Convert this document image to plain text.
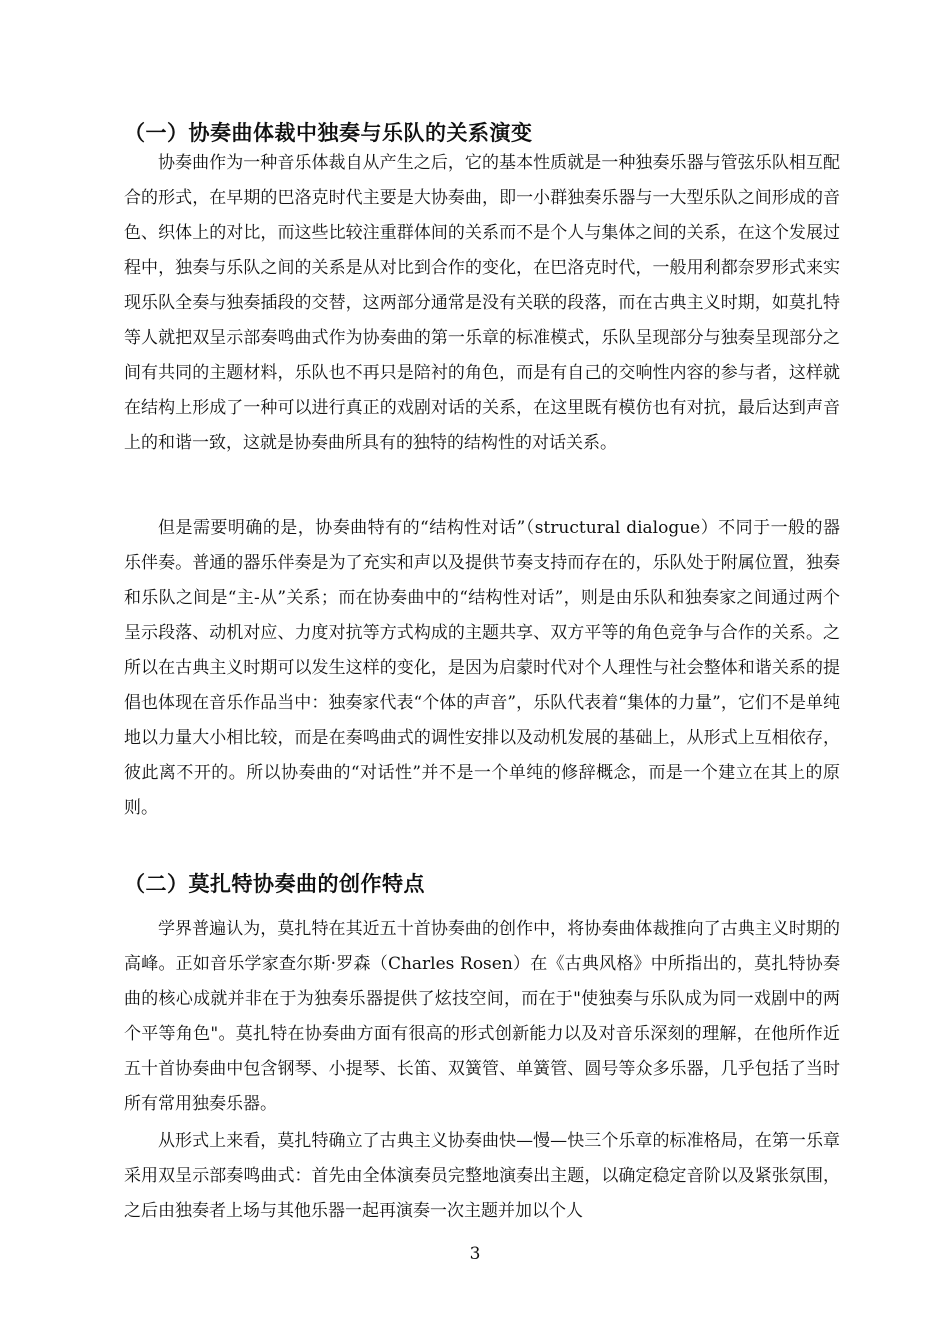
（一）协奏曲体裁中独奏与乐队的关系演变

协奏曲作为一种音乐体裁自从产生之后，它的基本性质就是一种独奏乐器与管弦乐队相互配合的形式，在早期的巴洛克时代主要是大协奏曲，即一小群独奏乐器与一大型乐队之间形成的音色、织体上的对比，而这些比较注重群体间的关系而不是个人与集体之间的关系，在这个发展过程中，独奏与乐队之间的关系是从对比到合作的变化，在巴洛克时代，一般用利都奈罗形式来实现乐队全奏与独奏插段的交替，这两部分通常是没有关联的段落，而在古典主义时期，如莫扎特等人就把双呈示部奏鸣曲式作为协奏曲的第一乐章的标准模式，乐队呈现部分与独奏呈现部分之间有共同的主题材料，乐队也不再只是陪衬的角色，而是有自己的交响性内容的参与者，这样就在结构上形成了一种可以进行真正的戏剧对话的关系，在这里既有模仿也有对抗，最后达到声音上的和谐一致，这就是协奏曲所具有的独特的结构性的对话关系。

但是需要明确的是，协奏曲特有的“结构性对话”（structural dialogue）不同于一般的器乐伴奏。普通的器乐伴奏是为了充实和声以及提供节奏支持而存在的，乐队处于附属位置，独奏和乐队之间是“主-从”关系；而在协奏曲中的“结构性对话”，则是由乐队和独奏家之间通过两个呈示段落、动机对应、力度对抗等方式构成的主题共享、双方平等的角色竞争与合作的关系。之所以在古典主义时期可以发生这样的变化，是因为启蒙时代对个人理性与社会整体和谐关系的提倡也体现在音乐作品当中：独奏家代表“个体的声音”，乐队代表着“集体的力量”，它们不是单纯地以力量大小相比较，而是在奏鸣曲式的调性安排以及动机发展的基础上，从形式上互相依存，彼此离不开的。所以协奏曲的“对话性”并不是一个单纯的修辞概念，而是一个建立在其上的原则。

（二）莫扎特协奏曲的创作特点

学界普遍认为，莫扎特在其近五十首协奏曲的创作中，将协奏曲体裁推向了古典主义时期的高峰。正如音乐学家查尔斯·罗森（Charles Rosen）在《古典风格》中所指出的，莫扎特协奏曲的核心成就并非在于为独奏乐器提供了炫技空间，而在于"使独奏与乐队成为同一戏剧中的两个平等角色"。莫扎特在协奏曲方面有很高的形式创新能力以及对音乐深刻的理解，在他所作近五十首协奏曲中包含钢琴、小提琴、长笛、双簧管、单簧管、圆号等众多乐器，几乎包括了当时所有常用独奏乐器。

从形式上来看，莫扎特确立了古典主义协奏曲快—慢—快三个乐章的标准格局，在第一乐章采用双呈示部奏鸣曲式：首先由全体演奏员完整地演奏出主题，以确定稳定音阶以及紧张氛围，之后由独奏者上场与其他乐器一起再演奏一次主题并加以个人

3
